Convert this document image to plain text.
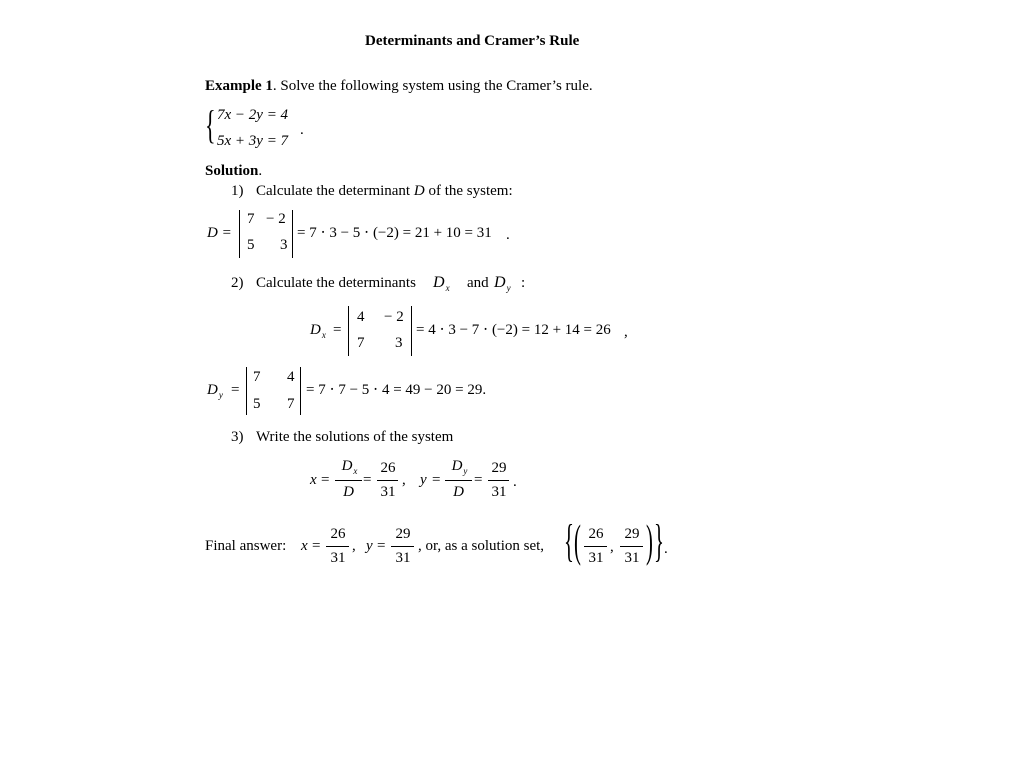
Determinants and Cramer’s Rule
Example 1. Solve the following system using the Cramer’s rule.
{ 7x − 2y = 4
5x + 3y = 7
.
Solution.
1) Calculate the determinant D of the system:
D =
7 − 2
5 3
= 7 ⋅ 3 − 5 ⋅ (−2) = 21 + 10 = 31 .
2) Calculate the determinants $D_x$ and $D_y$ :
$D_x$ =
4 − 2
7 3
= 4 ⋅ 3 − 7 ⋅ (−2) = 12 + 14 = 26 ,
$D_y$ =
7 4
5 7
= 7 ⋅ 7 − 5 ⋅ 4 = 49 − 20 = 29.
3) Write the solutions of the system
x =
$D_x$
D
=
26
31
, y =
$D_y$
D
=
29
31
.
Final answer: x =
26
31
, y =
29
31
, or, as a solution set, { ( 26
31
,
29
31 ) } .
